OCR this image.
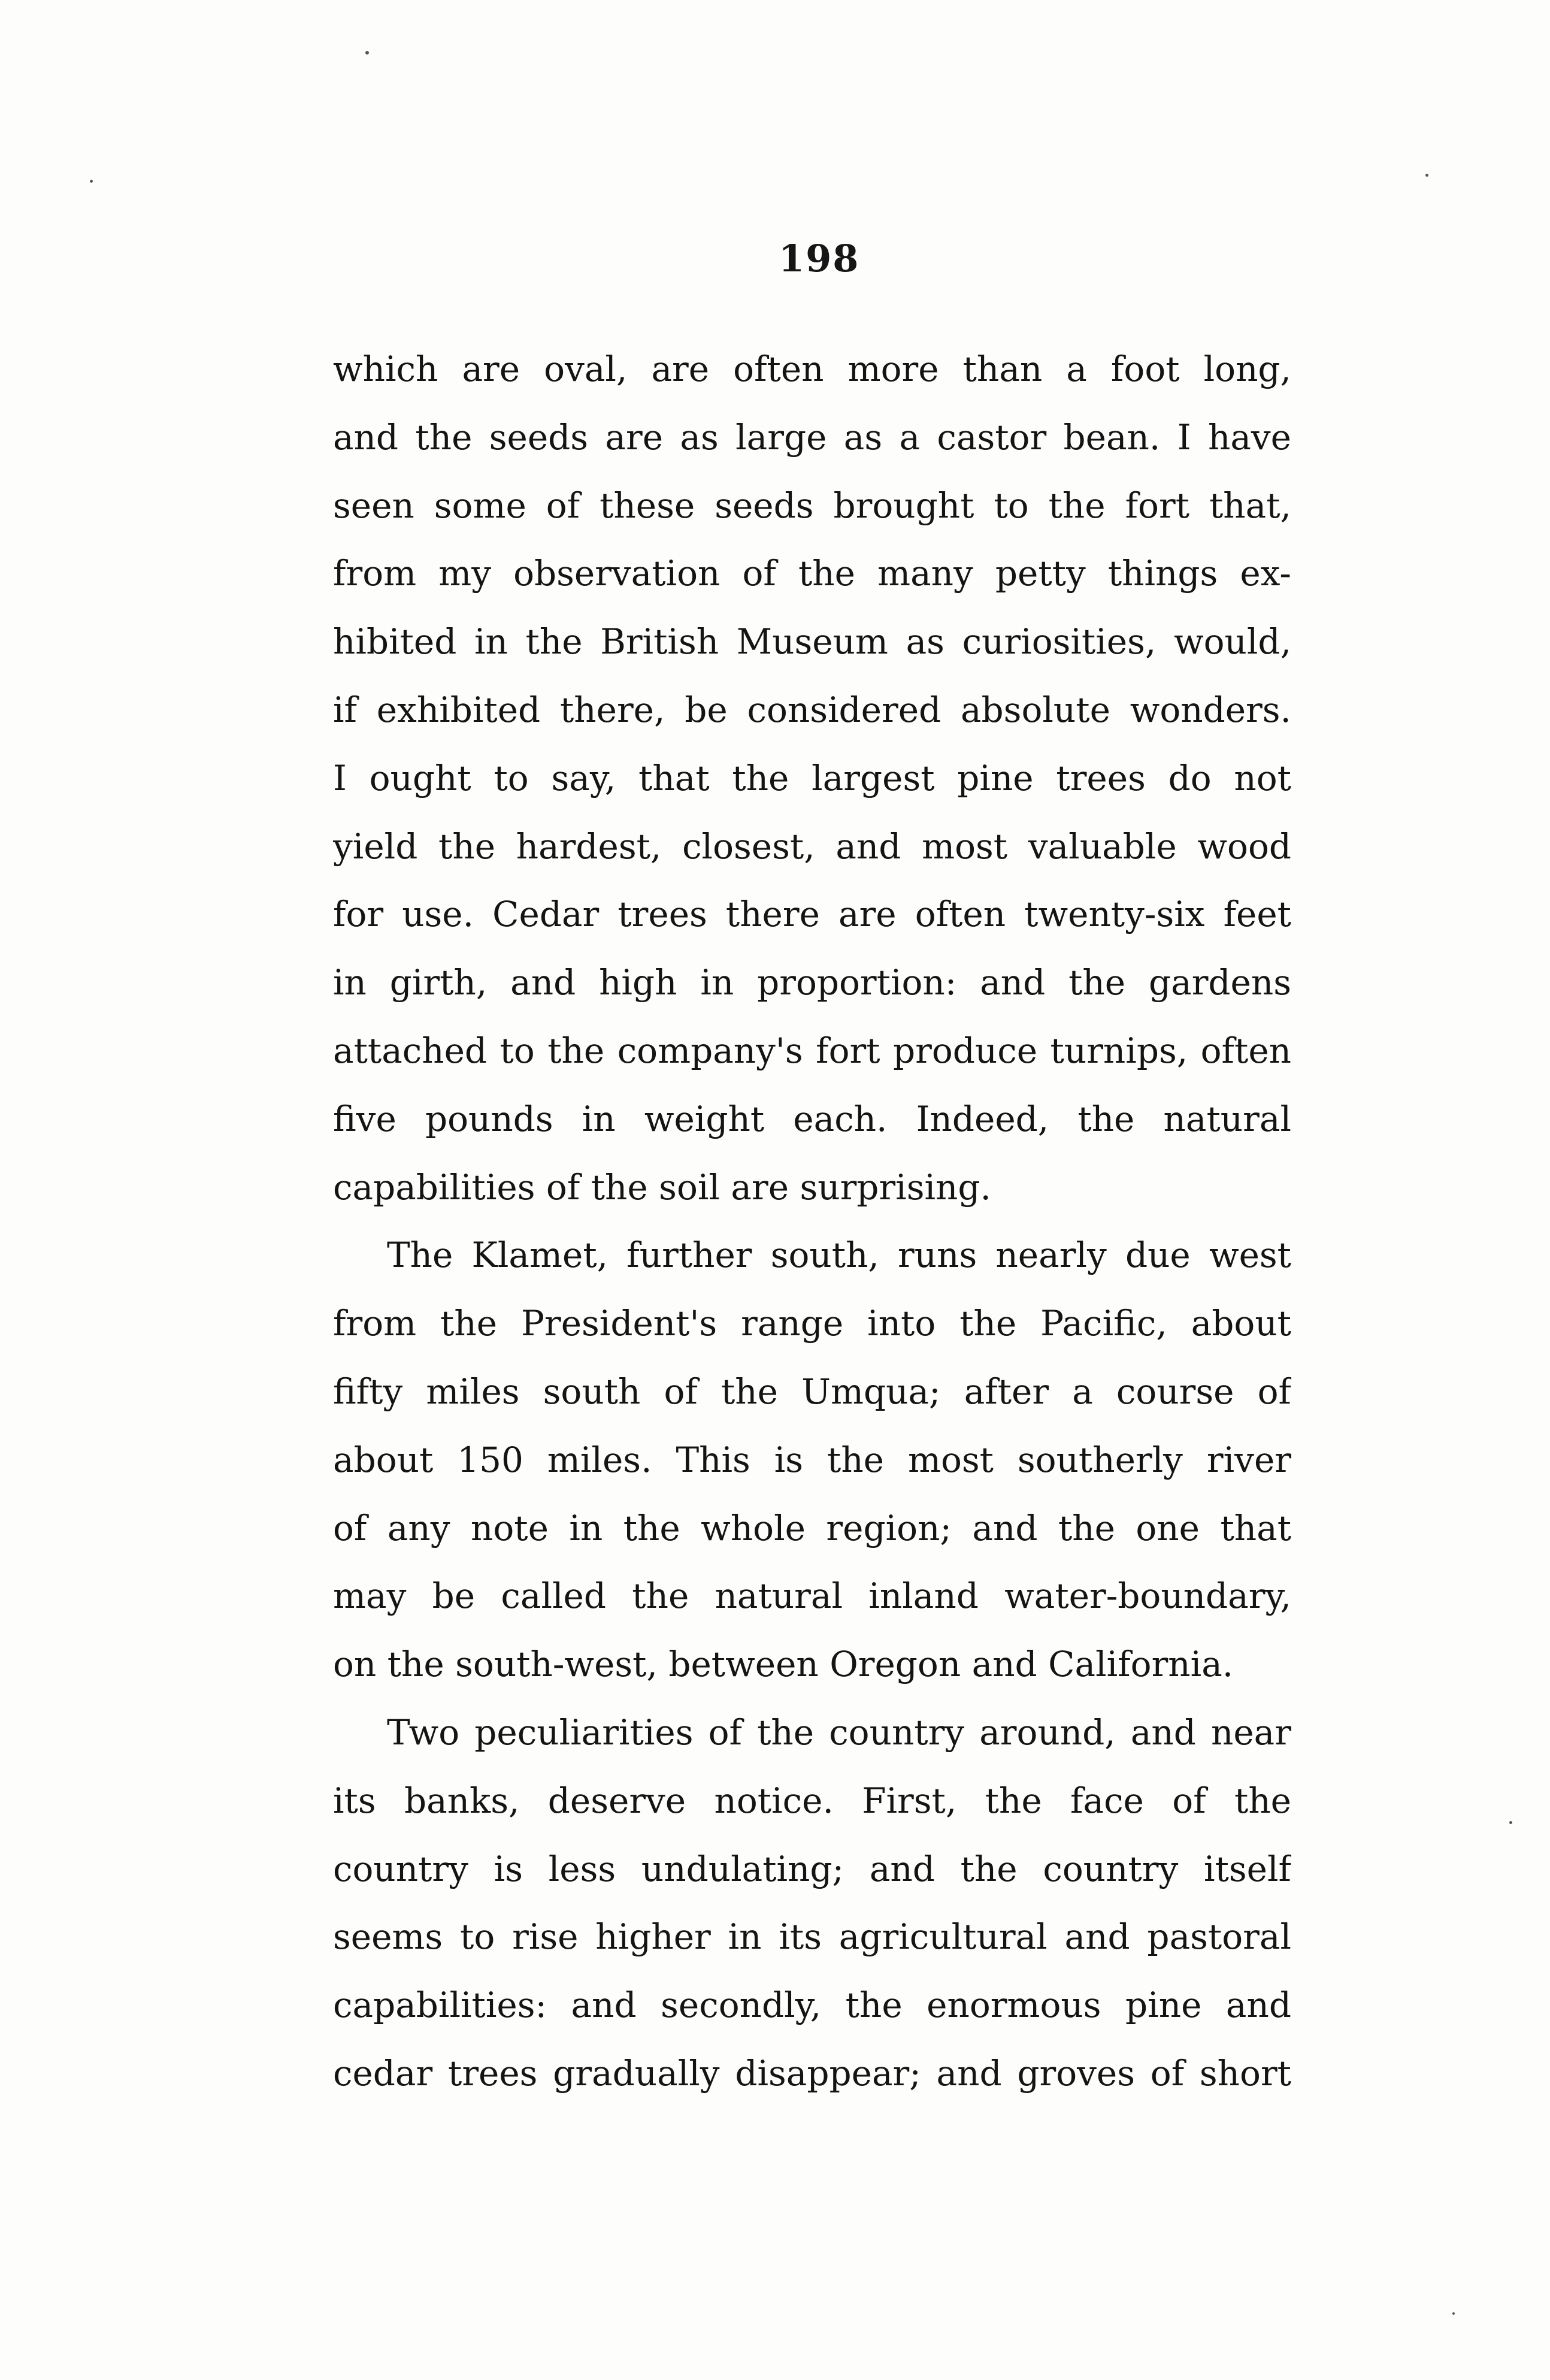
198
which are oval, are often more than a foot long,
and the seeds are as large as a castor bean. I have
seen some of these seeds brought to the fort that,
from my observation of the many petty things ex-
hibited in the British Museum as curiosities, would,
if exhibited there, be considered absolute wonders.
I ought to say, that the largest pine trees do not
yield the hardest, closest, and most valuable wood
for use. Cedar trees there are often twenty-six feet
in girth, and high in proportion: and the gardens
attached to the company's fort produce turnips, often
five pounds in weight each. Indeed, the natural
capabilities of the soil are surprising.
The Klamet, further south, runs nearly due west
from the President's range into the Pacific, about
fifty miles south of the Umqua; after a course of
about 150 miles. This is the most southerly river
of any note in the whole region; and the one that
may be called the natural inland water-boundary,
on the south-west, between Oregon and California.
Two peculiarities of the country around, and near
its banks, deserve notice. First, the face of the
country is less undulating; and the country itself
seems to rise higher in its agricultural and pastoral
capabilities: and secondly, the enormous pine and
cedar trees gradually disappear; and groves of short
